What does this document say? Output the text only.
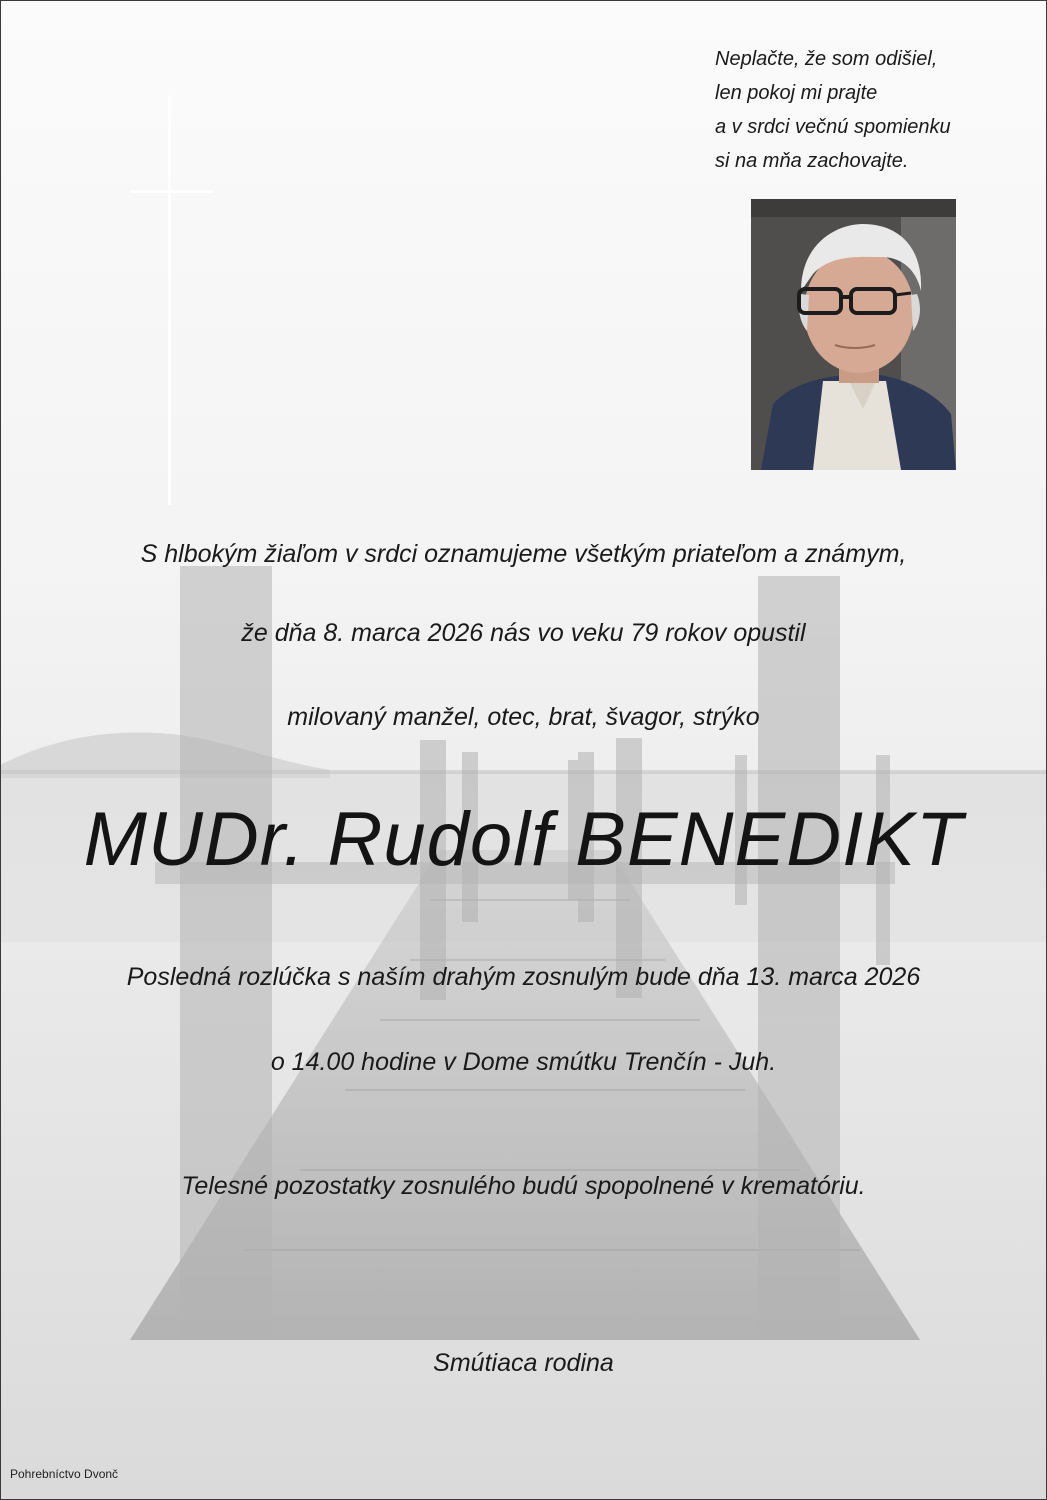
Neplačte, že som odišiel,
len pokoj mi prajte
a v srdci večnú spomienku
si na mňa zachovajte.
S hlbokým žiaľom v srdci oznamujeme všetkým priateľom a známym,
že dňa 8. marca 2026 nás vo veku 79 rokov opustil
milovaný manžel, otec, brat, švagor, strýko
MUDr. Rudolf BENEDIKT
Posledná rozlúčka s naším drahým zosnulým bude dňa 13. marca 2026
o 14.00 hodine v Dome smútku Trenčín - Juh.
Telesné pozostatky zosnulého budú spopolnené v krematóriu.
Smútiaca rodina
Pohrebníctvo Dvonč
